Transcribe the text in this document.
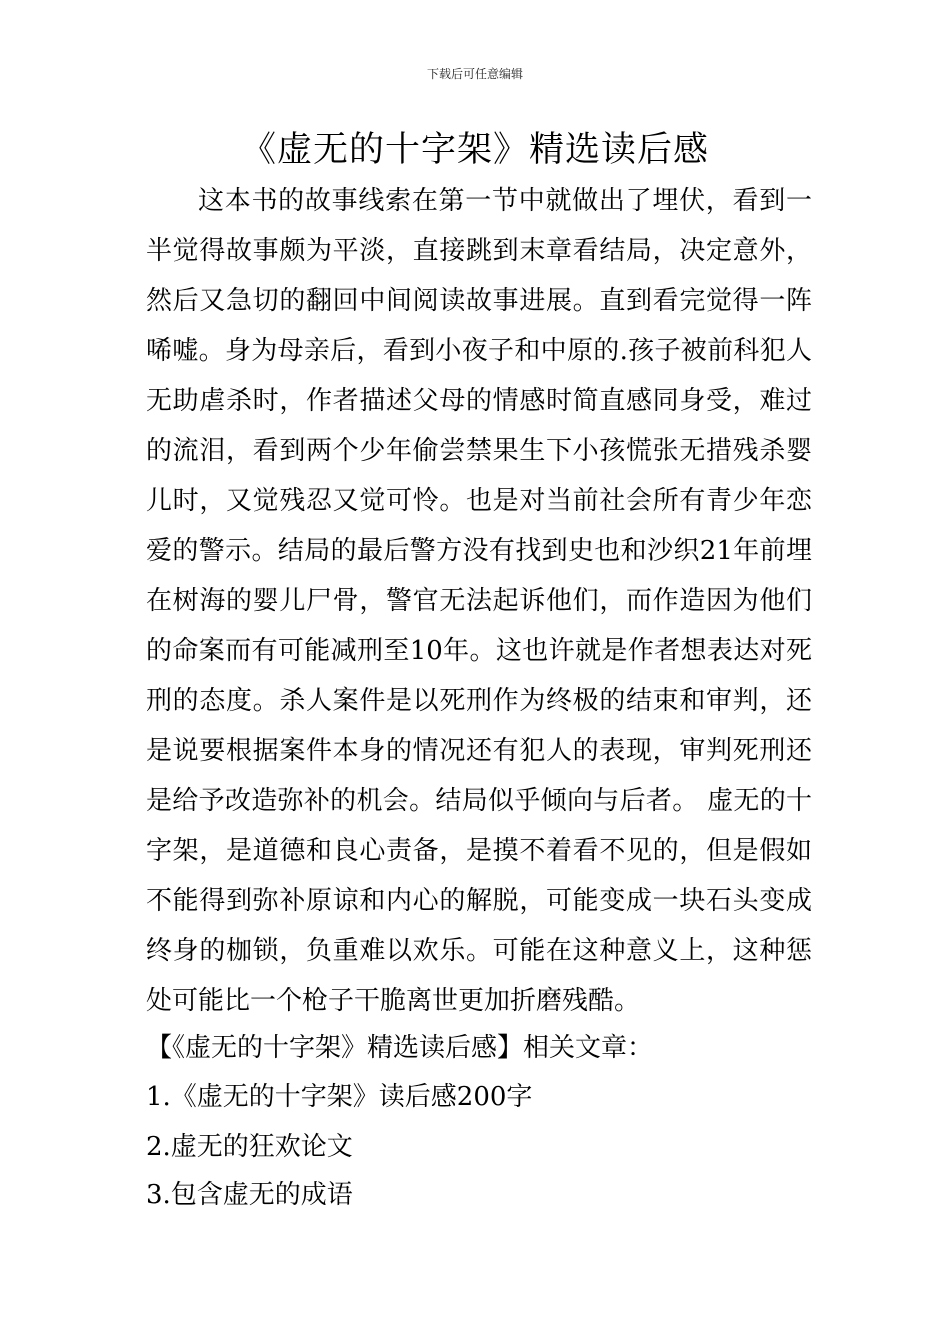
下载后可任意编辑
《虚无的十字架》精选读后感

这本书的故事线索在第一节中就做出了埋伏，看到一半觉得故事颇为平淡，直接跳到末章看结局，决定意外，然后又急切的翻回中间阅读故事进展。直到看完觉得一阵唏嘘。身为母亲后，看到小夜子和中原的.孩子被前科犯人无助虐杀时，作者描述父母的情感时简直感同身受，难过的流泪，看到两个少年偷尝禁果生下小孩慌张无措残杀婴儿时，又觉残忍又觉可怜。也是对当前社会所有青少年恋爱的警示。结局的最后警方没有找到史也和沙织21年前埋在树海的婴儿尸骨，警官无法起诉他们，而作造因为他们的命案而有可能减刑至10年。这也许就是作者想表达对死刑的态度。杀人案件是以死刑作为终极的结束和审判，还是说要根据案件本身的情况还有犯人的表现，审判死刑还是给予改造弥补的机会。结局似乎倾向与后者。 虚无的十字架，是道德和良心责备，是摸不着看不见的，但是假如不能得到弥补原谅和内心的解脱，可能变成一块石头变成终身的枷锁，负重难以欢乐。可能在这种意义上，这种惩处可能比一个枪子干脆离世更加折磨残酷。

【《虚无的十字架》精选读后感】相关文章：

1.《虚无的十字架》读后感200字

2.虚无的狂欢论文

3.包含虚无的成语
